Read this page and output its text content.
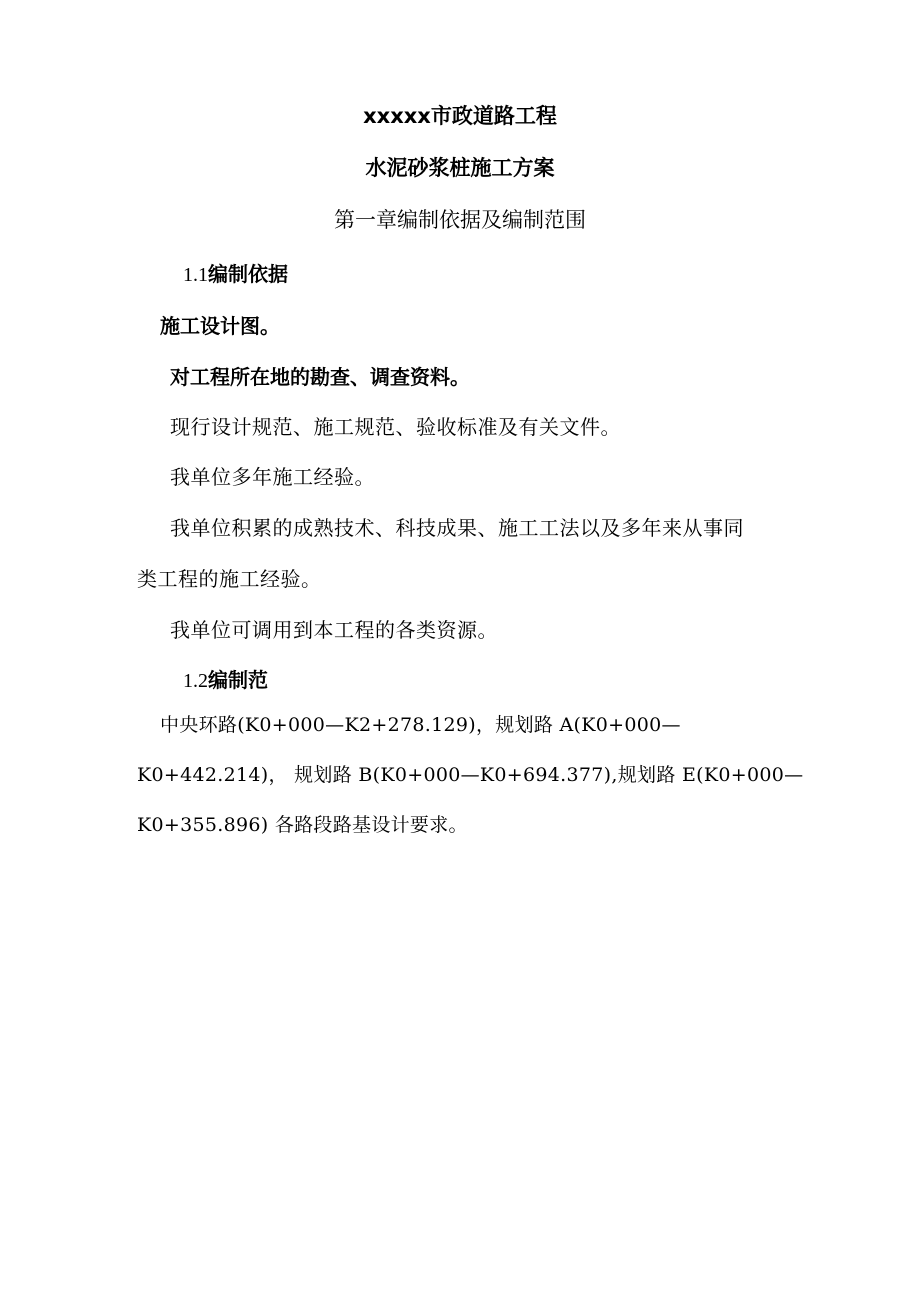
xxxxx市政道路工程
水泥砂浆桩施工方案
第一章编制依据及编制范围
1.1编制依据
施工设计图。
对工程所在地的勘查、调查资料。
现行设计规范、施工规范、验收标准及有关文件。
我单位多年施工经验。
我单位积累的成熟技术、科技成果、施工工法以及多年来从事同
类工程的施工经验。
我单位可调用到本工程的各类资源。
1.2编制范
中央环路(K0+000—K2+278.129)，规划路 A(K0+000—
K0+442.214)， 规划路 B(K0+000—K0+694.377),规划路 E(K0+000—
K0+355.896) 各路段路基设计要求。
